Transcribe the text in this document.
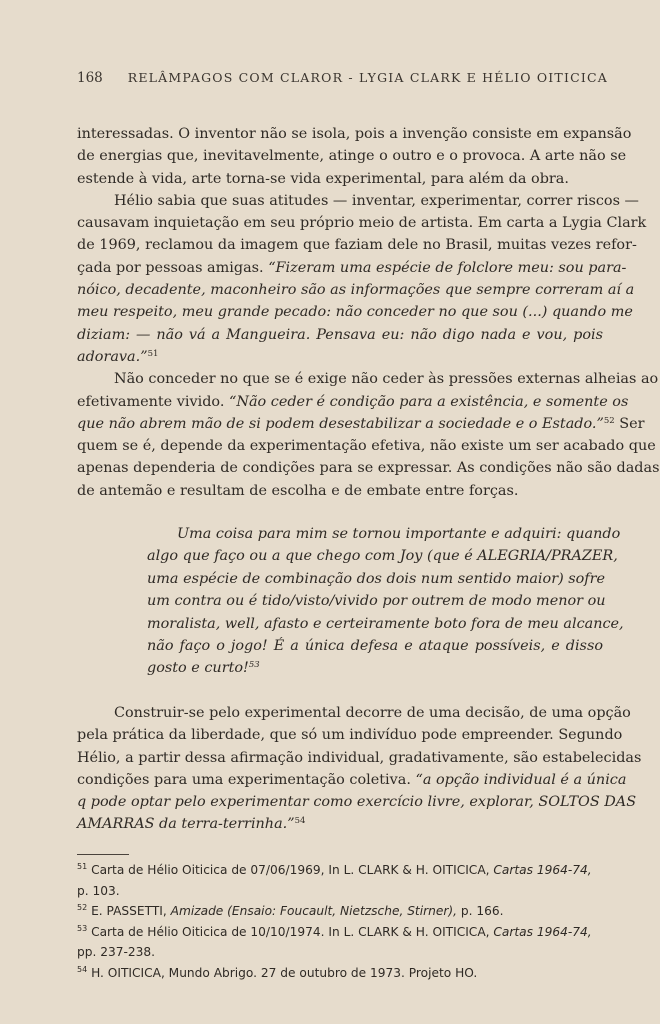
168 RELÂMPAGOS COM CLAROR - LYGIA CLARK E HÉLIO OITICICA
interessadas. O inventor não se isola, pois a invenção consiste em expansão
de energias que, inevitavelmente, atinge o outro e o provoca. A arte não se
estende à vida, arte torna-se vida experimental, para além da obra.
Hélio sabia que suas atitudes — inventar, experimentar, correr riscos —
causavam inquietação em seu próprio meio de artista. Em carta a Lygia Clark
de 1969, reclamou da imagem que faziam dele no Brasil, muitas vezes refor-
çada por pessoas amigas. “Fizeram uma espécie de folclore meu: sou para-
nóico, decadente, maconheiro são as informações que sempre correram aí a
meu respeito, meu grande pecado: não conceder no que sou (...) quando me
diziam: — não vá a Mangueira. Pensava eu: não digo nada e vou, pois
adorava.”$^{51}$
Não conceder no que se é exige não ceder às pressões externas alheias ao
efetivamente vivido. “Não ceder é condição para a existência, e somente os
que não abrem mão de si podem desestabilizar a sociedade e o Estado.”$^{52}$ Ser
quem se é, depende da experimentação efetiva, não existe um ser acabado que
apenas dependeria de condições para se expressar. As condições não são dadas
de antemão e resultam de escolha e de embate entre forças.
Uma coisa para mim se tornou importante e adquiri: quando
algo que faço ou a que chego com Joy (que é ALEGRIA/PRAZER,
uma espécie de combinação dos dois num sentido maior) sofre
um contra ou é tido/visto/vivido por outrem de modo menor ou
moralista, well, afasto e certeiramente boto fora de meu alcance,
não faço o jogo! É a única defesa e ataque possíveis, e disso
gosto e curto!$^{53}$
Construir-se pelo experimental decorre de uma decisão, de uma opção
pela prática da liberdade, que só um indivíduo pode empreender. Segundo
Hélio, a partir dessa afirmação individual, gradativamente, são estabelecidas
condições para uma experimentação coletiva. “a opção individual é a única
q pode optar pelo experimentar como exercício livre, explorar, SOLTOS DAS
AMARRAS da terra-terrinha.”$^{54}$
$^{51}$ Carta de Hélio Oiticica de 07/06/1969, In L. CLARK & H. OITICICA, Cartas 1964-74,
p. 103.
$^{52}$ E. PASSETTI, Amizade (Ensaio: Foucault, Nietzsche, Stirner), p. 166.
$^{53}$ Carta de Hélio Oiticica de 10/10/1974. In L. CLARK & H. OITICICA, Cartas 1964-74,
pp. 237-238.
$^{54}$ H. OITICICA, Mundo Abrigo. 27 de outubro de 1973. Projeto HO.
